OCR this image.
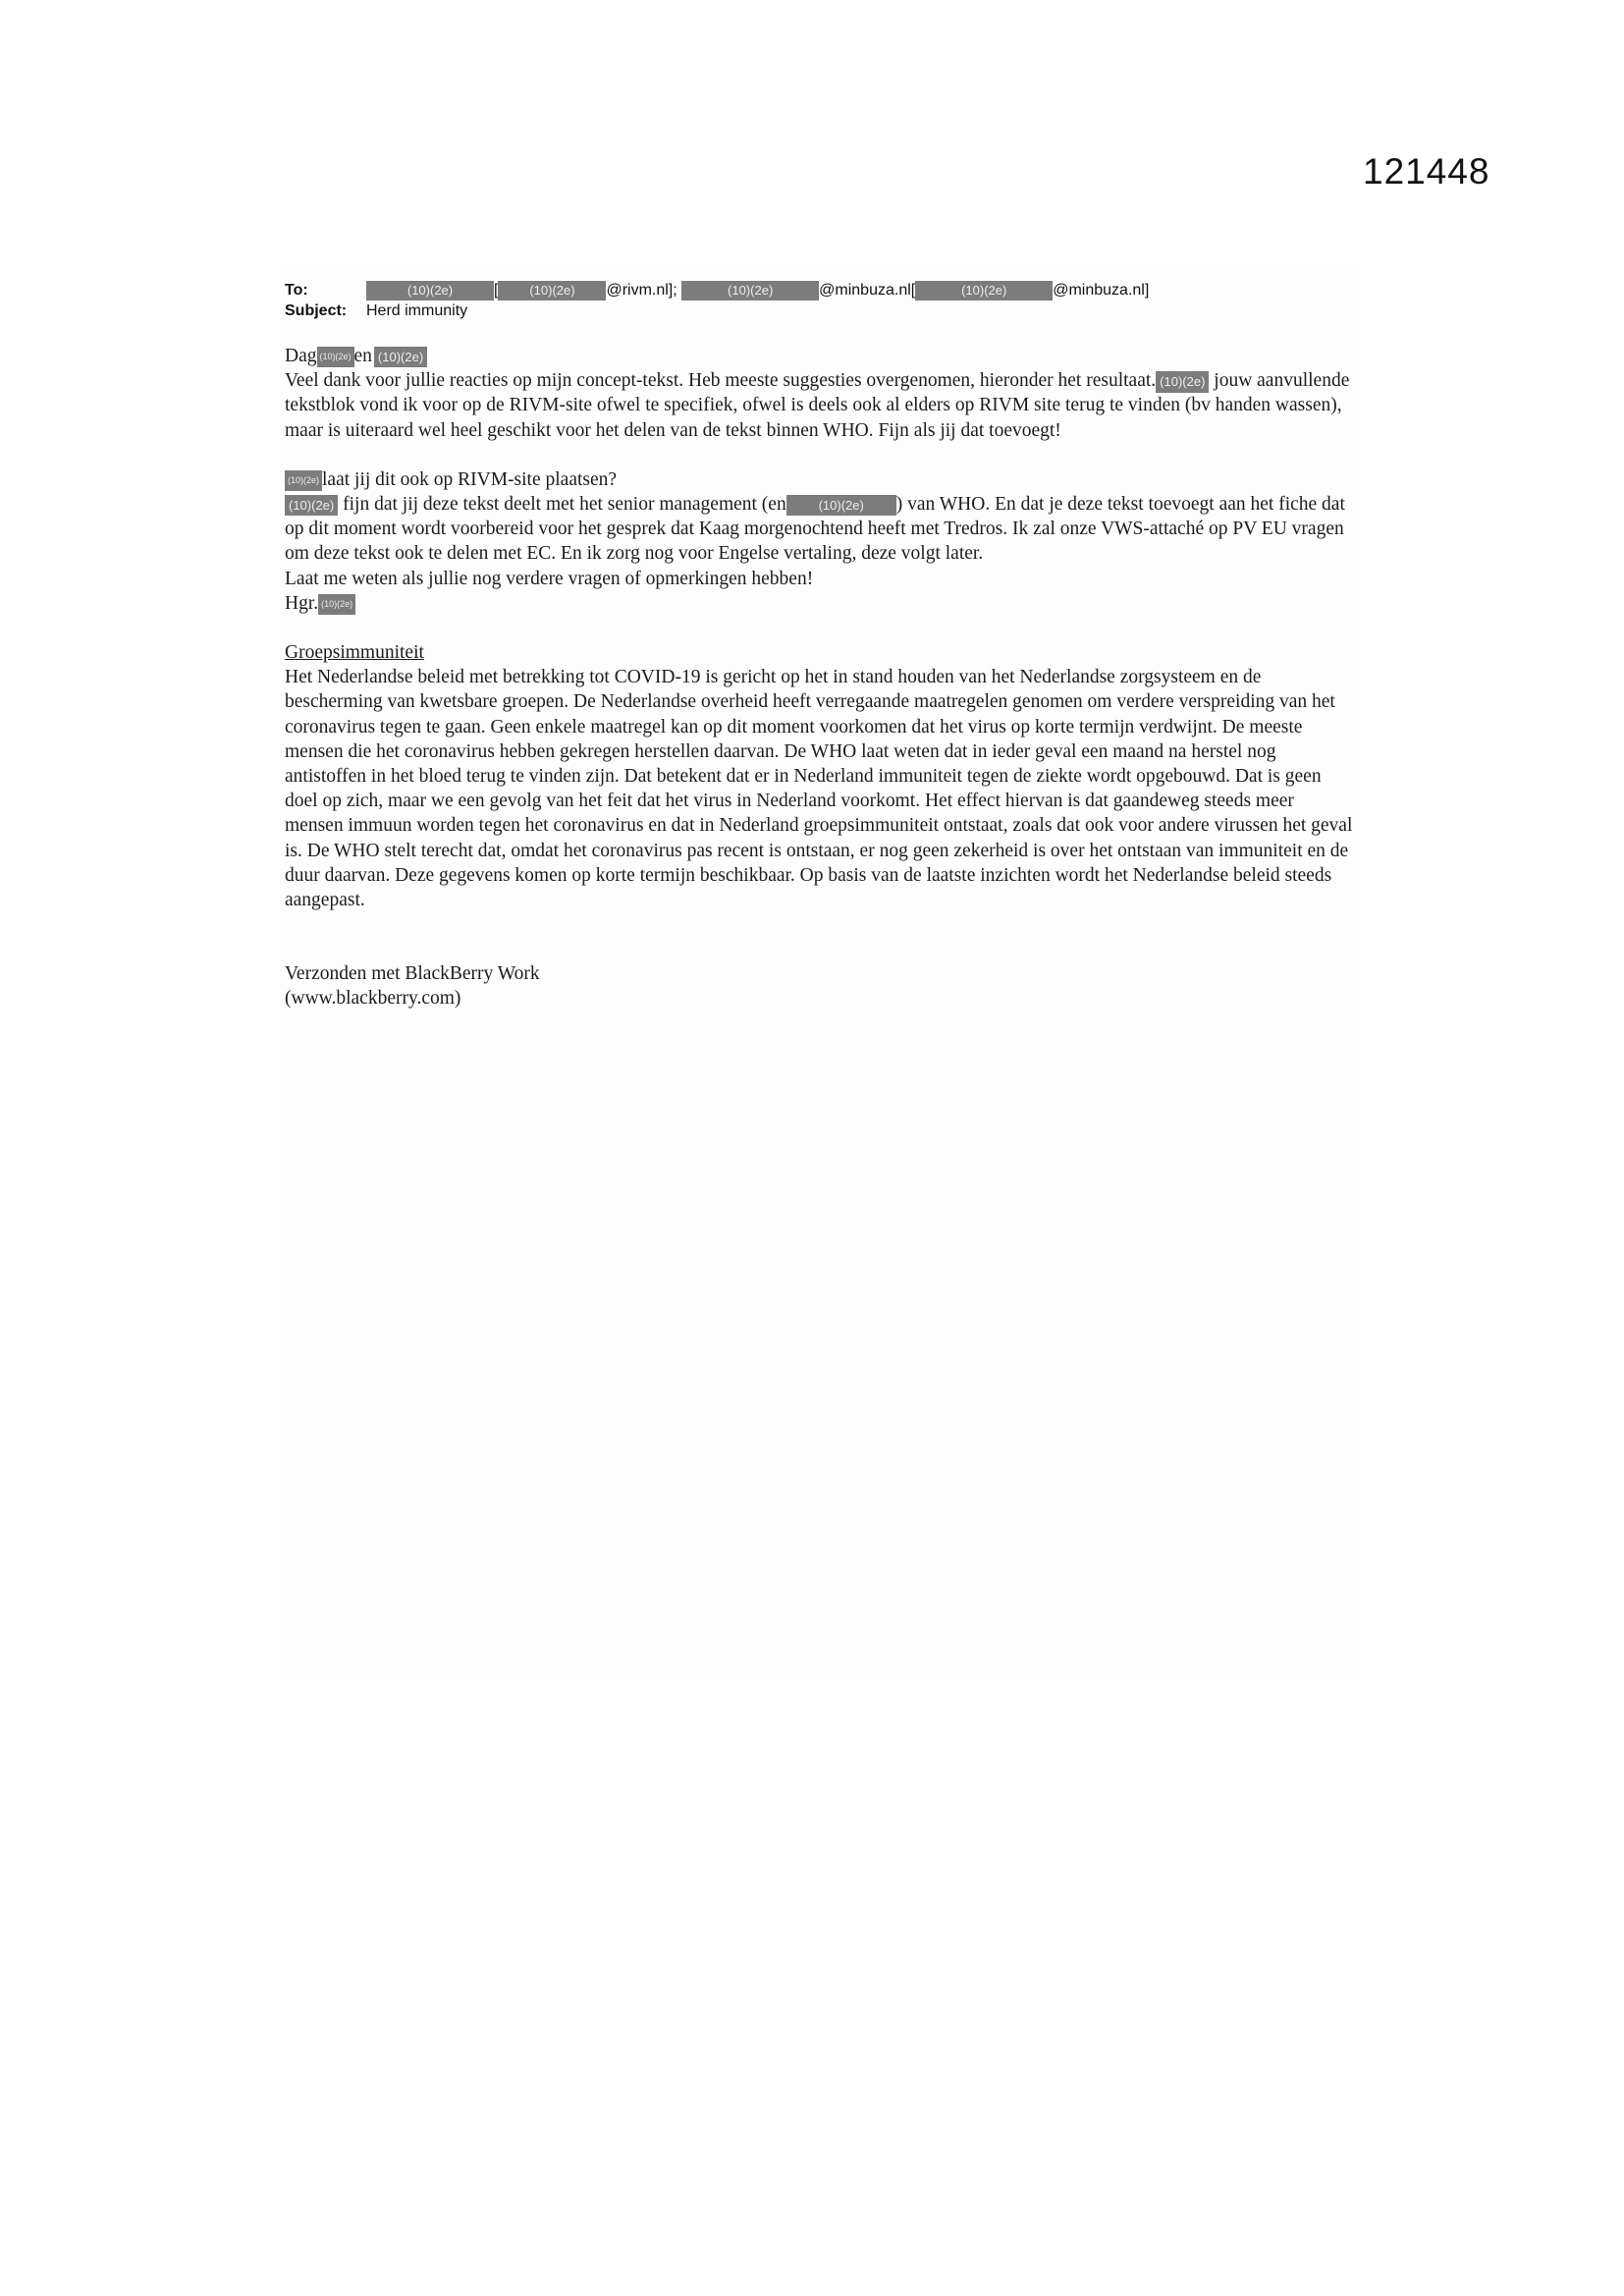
121448
To:	(10)(2e)	[ (10)(2e) @rivm.nl];	(10)(2e)	@minbuza.nl[	(10)(2e)	@minbuza.nl]
Subject: Herd immunity

Dag (10)(2e) en (10)(2e)

Veel dank voor jullie reacties op mijn concept-tekst. Heb meeste suggesties overgenomen, hieronder het resultaat. (10)(2e) jouw aanvullende tekstblok vond ik voor op de RIVM-site ofwel te specifiek, ofwel is deels ook al elders op RIVM site terug te vinden (bv handen wassen), maar is uiteraard wel heel geschikt voor het delen van de tekst binnen WHO. Fijn als jij dat toevoegt!

(10)(2e) laat jij dit ook op RIVM-site plaatsen?

(10)(2e) fijn dat jij deze tekst deelt met het senior management (en	(10)(2e) ) van WHO. En dat je deze tekst toevoegt aan het fiche dat op dit moment wordt voorbereid voor het gesprek dat Kaag morgenochtend heeft met Tredros. Ik zal onze VWS-attaché op PV EU vragen om deze tekst ook te delen met EC. En ik zorg nog voor Engelse vertaling, deze volgt later.

Laat me weten als jullie nog verdere vragen of opmerkingen hebben!

Hgr. (10)(2e)

Groepsimmuniteit

Het Nederlandse beleid met betrekking tot COVID-19 is gericht op het in stand houden van het Nederlandse zorgsysteem en de bescherming van kwetsbare groepen. De Nederlandse overheid heeft verregaande maatregelen genomen om verdere verspreiding van het coronavirus tegen te gaan. Geen enkele maatregel kan op dit moment voorkomen dat het virus op korte termijn verdwijnt. De meeste mensen die het coronavirus hebben gekregen herstellen daarvan. De WHO laat weten dat in ieder geval een maand na herstel nog antistoffen in het bloed terug te vinden zijn. Dat betekent dat er in Nederland immuniteit tegen de ziekte wordt opgebouwd. Dat is geen doel op zich, maar we een gevolg van het feit dat het virus in Nederland voorkomt. Het effect hiervan is dat gaandeweg steeds meer mensen immuun worden tegen het coronavirus en dat in Nederland groepsimmuniteit ontstaat, zoals dat ook voor andere virussen het geval is. De WHO stelt terecht dat, omdat het coronavirus pas recent is ontstaan, er nog geen zekerheid is over het ontstaan van immuniteit en de duur daarvan. Deze gegevens komen op korte termijn beschikbaar. Op basis van de laatste inzichten wordt het Nederlandse beleid steeds aangepast.

Verzonden met BlackBerry Work

(www.blackberry.com)
